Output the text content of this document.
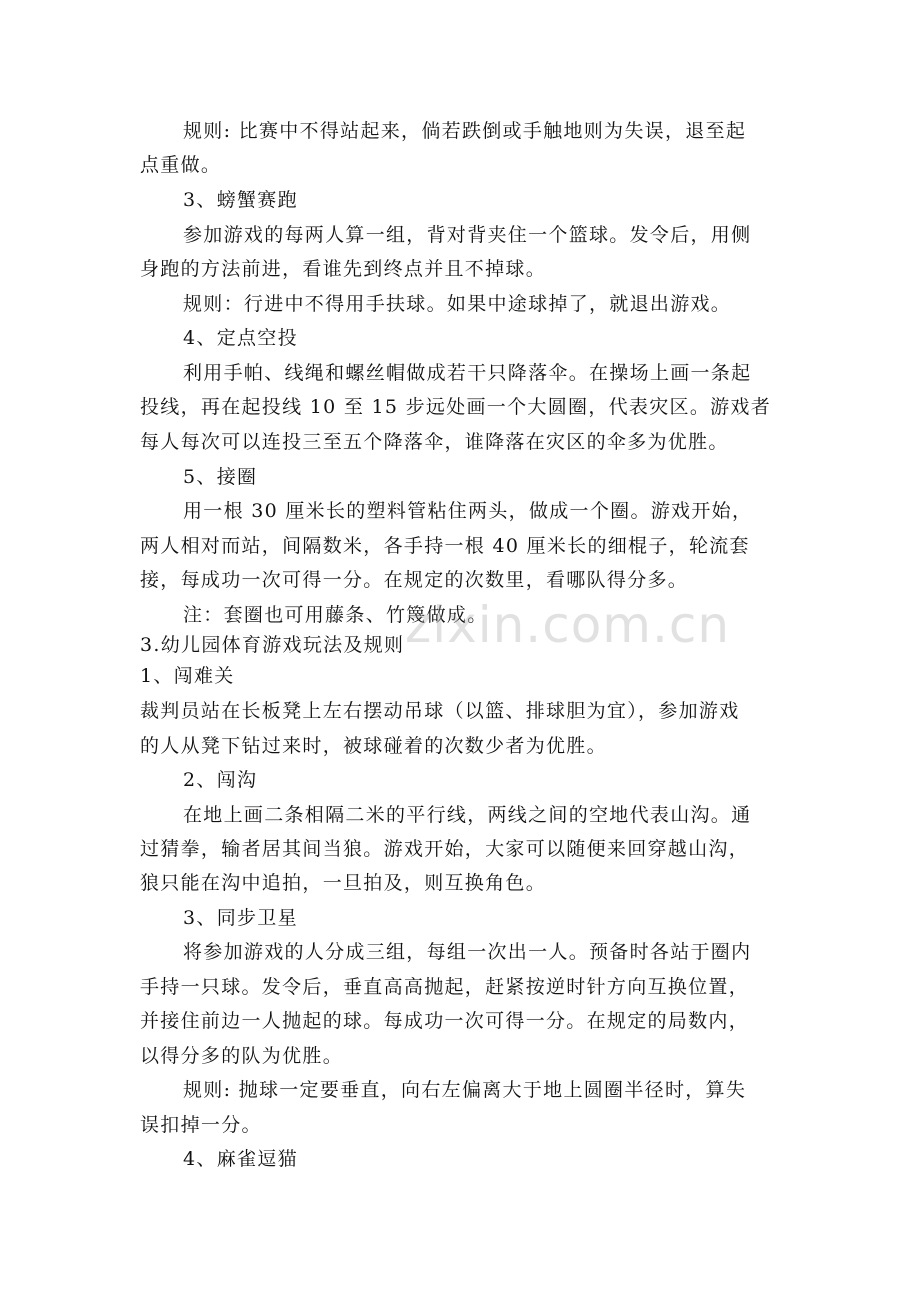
规则: 比赛中不得站起来，倘若跌倒或手触地则为失误，退至起
点重做。
3、螃蟹赛跑
参加游戏的每两人算一组，背对背夹住一个篮球。发令后，用侧
身跑的方法前进，看谁先到终点并且不掉球。
规则：行进中不得用手扶球。如果中途球掉了，就退出游戏。
4、定点空投
利用手帕、线绳和螺丝帽做成若干只降落伞。在操场上画一条起
投线，再在起投线 10 至 15 步远处画一个大圆圈，代表灾区。游戏者
每人每次可以连投三至五个降落伞，谁降落在灾区的伞多为优胜。
5、接圈
用一根 30 厘米长的塑料管粘住两头，做成一个圈。游戏开始，
两人相对而站，间隔数米，各手持一根 40 厘米长的细棍子，轮流套
接，每成功一次可得一分。在规定的次数里，看哪队得分多。
注：套圈也可用藤条、竹篾做成。
3.幼儿园体育游戏玩法及规则
1、闯难关
裁判员站在长板凳上左右摆动吊球（以篮、排球胆为宜），参加游戏
的人从凳下钻过来时，被球碰着的次数少者为优胜。
2、闯沟
在地上画二条相隔二米的平行线，两线之间的空地代表山沟。通
过猜拳，输者居其间当狼。游戏开始，大家可以随便来回穿越山沟，
狼只能在沟中追拍，一旦拍及，则互换角色。
3、同步卫星
将参加游戏的人分成三组，每组一次出一人。预备时各站于圈内
手持一只球。发令后，垂直高高抛起，赶紧按逆时针方向互换位置，
并接住前边一人抛起的球。每成功一次可得一分。在规定的局数内，
以得分多的队为优胜。
规则: 抛球一定要垂直，向右左偏离大于地上圆圈半径时，算失
误扣掉一分。
4、麻雀逗猫
zixin.com.cn
